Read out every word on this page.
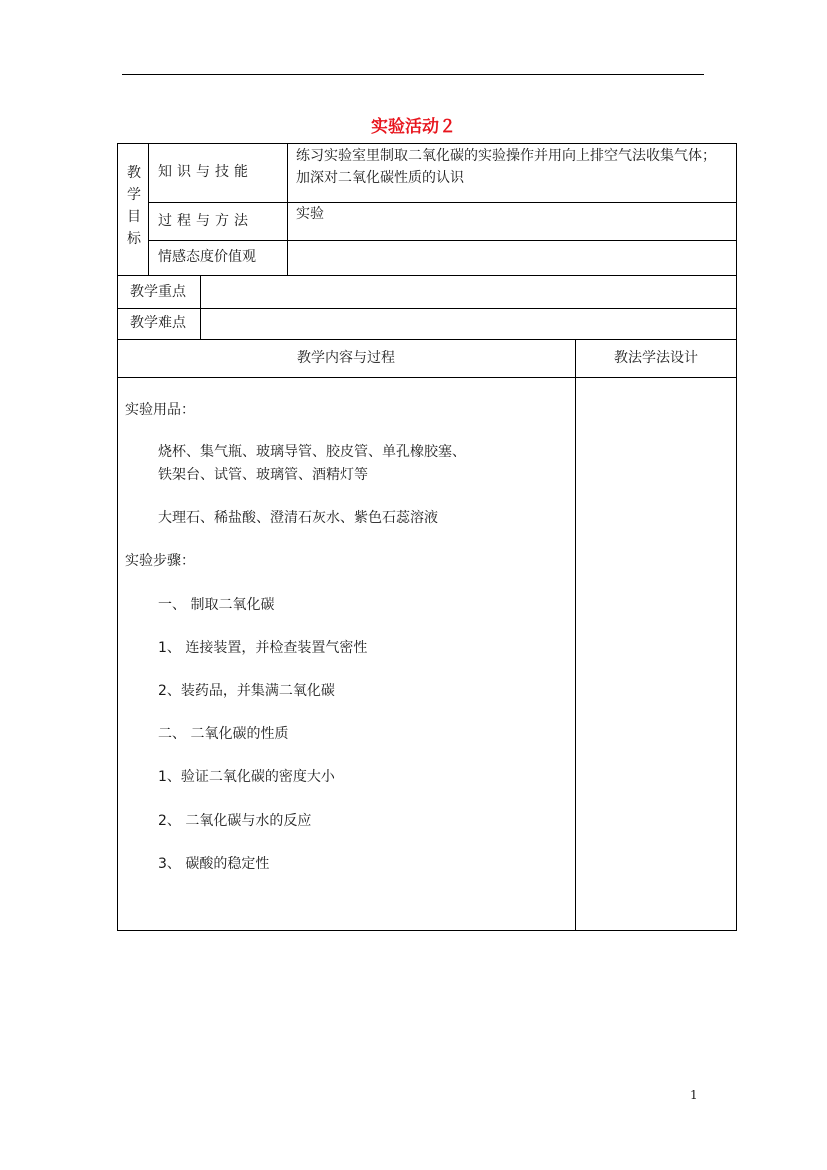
实验活动２
教学目标
知识与技能
练习实验室里制取二氧化碳的实验操作并用向上排空气法收集气体；
加深对二氧化碳性质的认识
过程与方法	实验
情感态度价值观
教学重点
教学难点
教学内容与过程	教法学法设计
实验用品：
烧杯、集气瓶、玻璃导管、胶皮管、单孔橡胶塞、
铁架台、试管、玻璃管、酒精灯等
大理石、稀盐酸、澄清石灰水、紫色石蕊溶液
实验步骤：
一、 制取二氧化碳
1、 连接装置，并检查装置气密性
2、装药品，并集满二氧化碳
二、 二氧化碳的性质
1、验证二氧化碳的密度大小
2、 二氧化碳与水的反应
3、 碳酸的稳定性
1
